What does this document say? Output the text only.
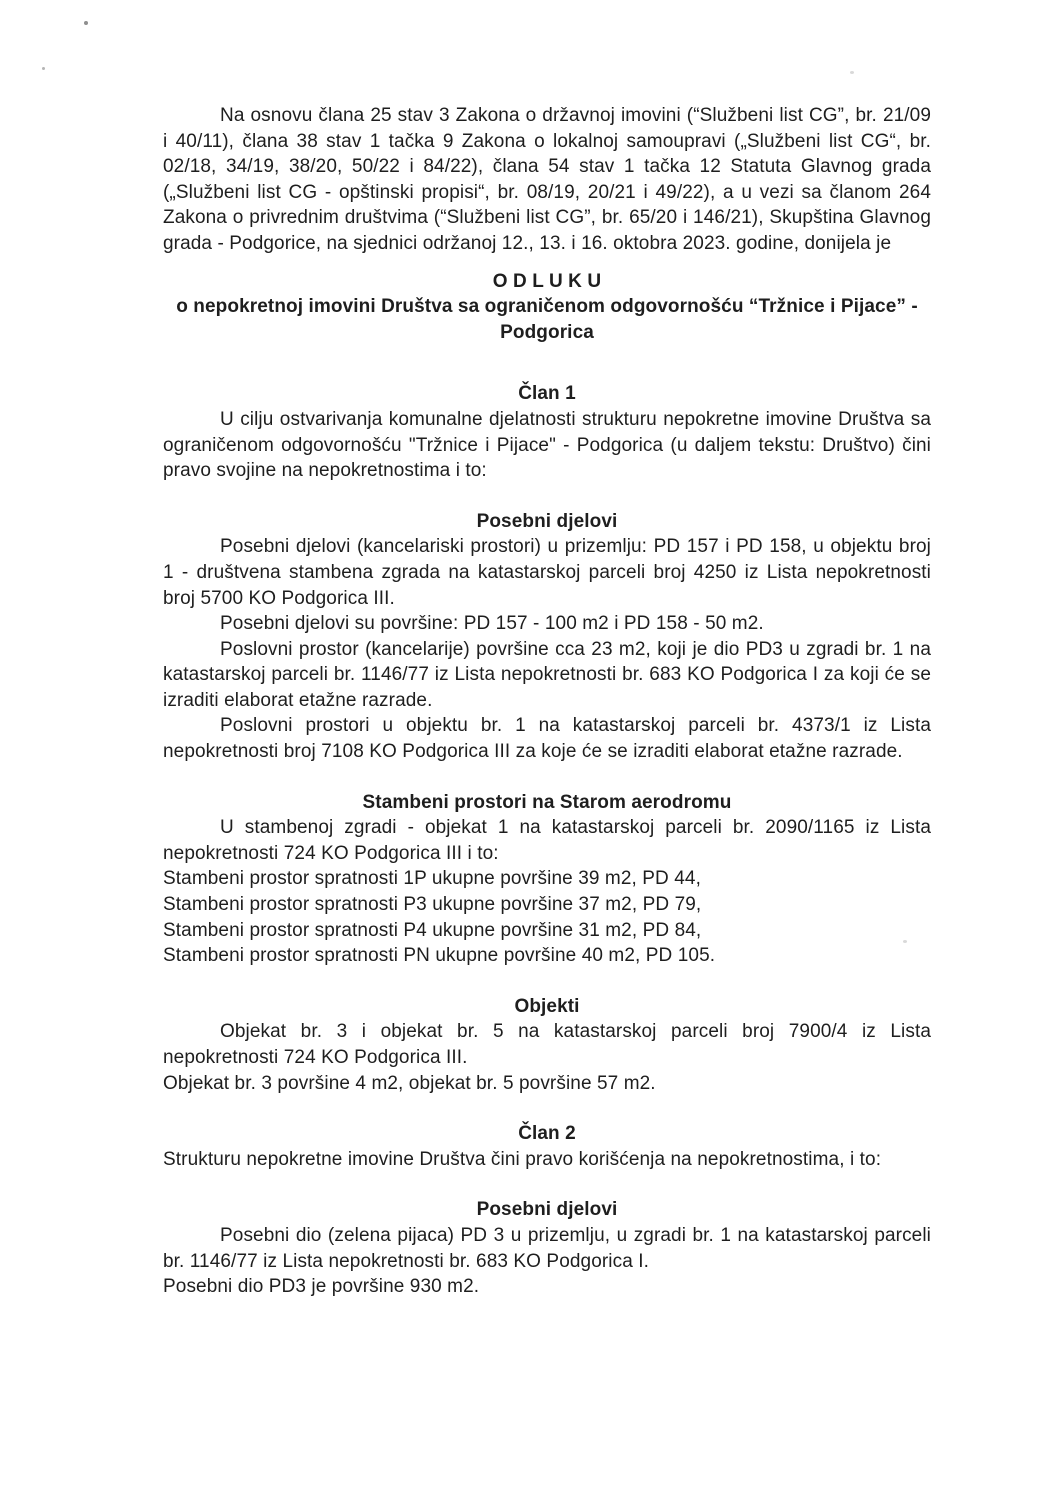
Na osnovu člana 25 stav 3 Zakona o državnoj imovini (“Službeni list CG”, br. 21/09 i 40/11), člana 38 stav 1 tačka 9 Zakona o lokalnoj samoupravi („Službeni list CG“, br. 02/18, 34/19, 38/20, 50/22 i 84/22), člana 54 stav 1 tačka 12 Statuta Glavnog grada („Službeni list CG - opštinski propisi“, br. 08/19, 20/21 i 49/22), a u vezi sa članom 264 Zakona o privrednim društvima (“Službeni list CG”, br. 65/20 i 146/21), Skupština Glavnog grada - Podgorice, na sjednici održanoj 12., 13. i 16. oktobra 2023. godine, donijela je

O D L U K U
o nepokretnoj imovini Društva sa ograničenom odgovornošću “Tržnice i Pijace” - Podgorica
Član 1

U cilju ostvarivanja komunalne djelatnosti strukturu nepokretne imovine Društva sa ograničenom odgovornošću "Tržnice i Pijace" - Podgorica (u daljem tekstu: Društvo) čini pravo svojine na nepokretnostima i to:

Posebni djelovi

Posebni djelovi (kancelariski prostori) u prizemlju: PD 157 i PD 158, u objektu broj 1 - društvena stambena zgrada na katastarskoj parceli broj 4250 iz Lista nepokretnosti broj 5700 KO Podgorica III.

Posebni djelovi su površine: PD 157 - 100 m2 i PD 158 - 50 m2.

Poslovni prostor (kancelarije) površine cca 23 m2, koji je dio PD3 u zgradi br. 1 na katastarskoj parceli br. 1146/77 iz Lista nepokretnosti br. 683 KO Podgorica I za koji će se izraditi elaborat etažne razrade.

Poslovni prostori u objektu br. 1 na katastarskoj parceli br. 4373/1 iz Lista nepokretnosti broj 7108 KO Podgorica III za koje će se izraditi elaborat etažne razrade.

Stambeni prostori na Starom aerodromu

U stambenoj zgradi - objekat 1 na katastarskoj parceli br. 2090/1165 iz Lista nepokretnosti 724 KO Podgorica III i to:

Stambeni prostor spratnosti 1P ukupne površine 39 m2, PD 44,

Stambeni prostor spratnosti P3 ukupne površine 37 m2, PD 79,

Stambeni prostor spratnosti P4 ukupne površine 31 m2, PD 84,

Stambeni prostor spratnosti PN ukupne površine 40 m2, PD 105.

Objekti

Objekat br. 3 i objekat br. 5 na katastarskoj parceli broj 7900/4 iz Lista nepokretnosti 724 KO Podgorica III.

Objekat br. 3 površine 4 m2, objekat br. 5 površine 57 m2.

Član 2

Strukturu nepokretne imovine Društva čini pravo korišćenja na nepokretnostima, i to:

Posebni djelovi

Posebni dio (zelena pijaca) PD 3 u prizemlju, u zgradi br. 1 na katastarskoj parceli br. 1146/77 iz Lista nepokretnosti br. 683 KO Podgorica I.

Posebni dio PD3 je površine 930 m2.
